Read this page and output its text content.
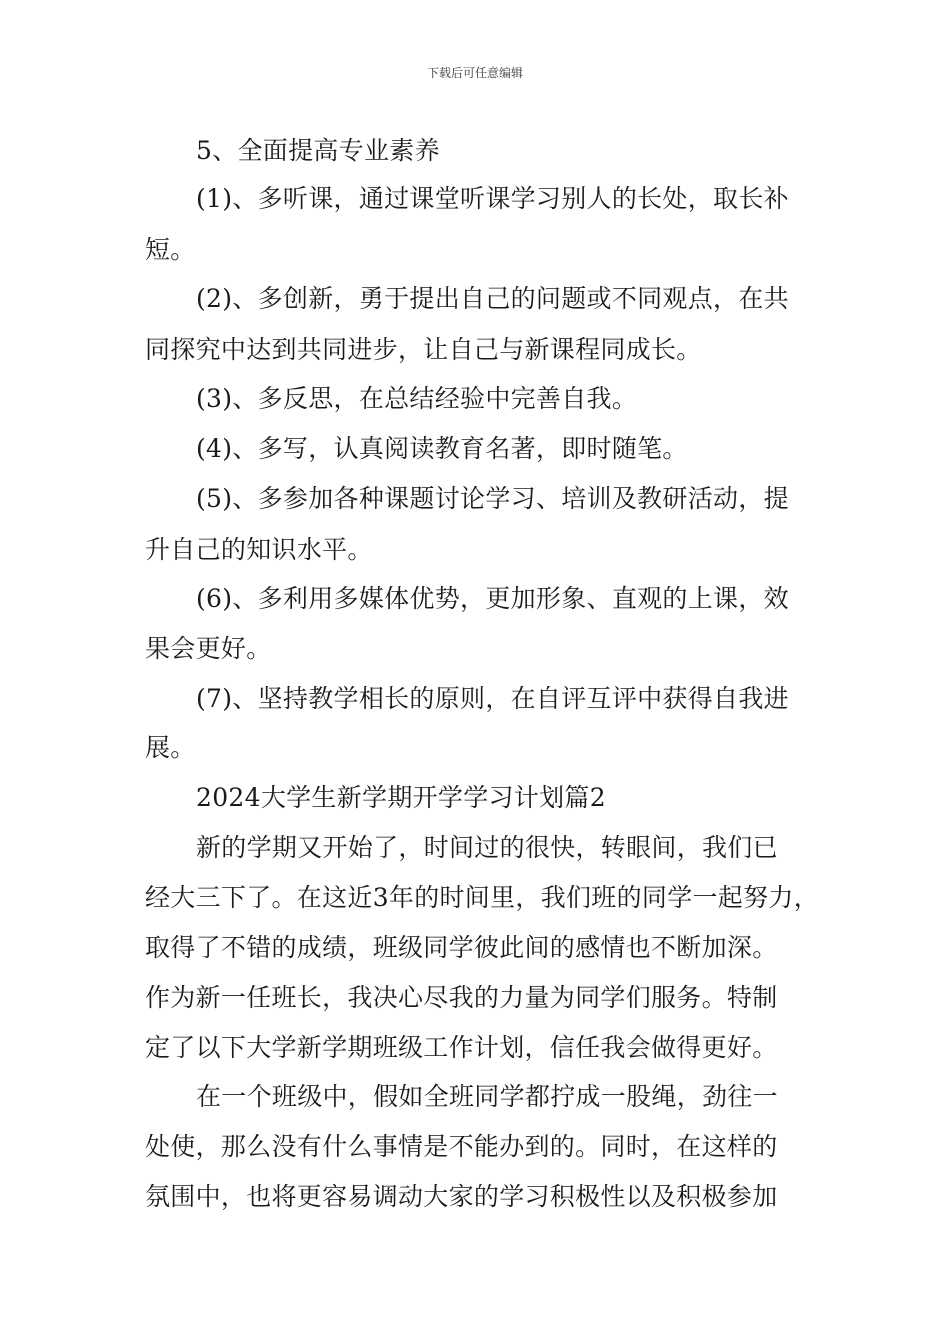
下载后可任意编辑
5、全面提高专业素养
(1)、多听课，通过课堂听课学习别人的长处，取长补
短。
(2)、多创新，勇于提出自己的问题或不同观点，在共
同探究中达到共同进步，让自己与新课程同成长。
(3)、多反思，在总结经验中完善自我。
(4)、多写，认真阅读教育名著，即时随笔。
(5)、多参加各种课题讨论学习、培训及教研活动，提
升自己的知识水平。
(6)、多利用多媒体优势，更加形象、直观的上课，效
果会更好。
(7)、坚持教学相长的原则，在自评互评中获得自我进
展。
2024大学生新学期开学学习计划篇2
新的学期又开始了，时间过的很快，转眼间，我们已
经大三下了。在这近3年的时间里，我们班的同学一起努力，
取得了不错的成绩，班级同学彼此间的感情也不断加深。
作为新一任班长，我决心尽我的力量为同学们服务。特制
定了以下大学新学期班级工作计划，信任我会做得更好。
在一个班级中，假如全班同学都拧成一股绳，劲往一
处使，那么没有什么事情是不能办到的。同时，在这样的
氛围中，也将更容易调动大家的学习积极性以及积极参加
